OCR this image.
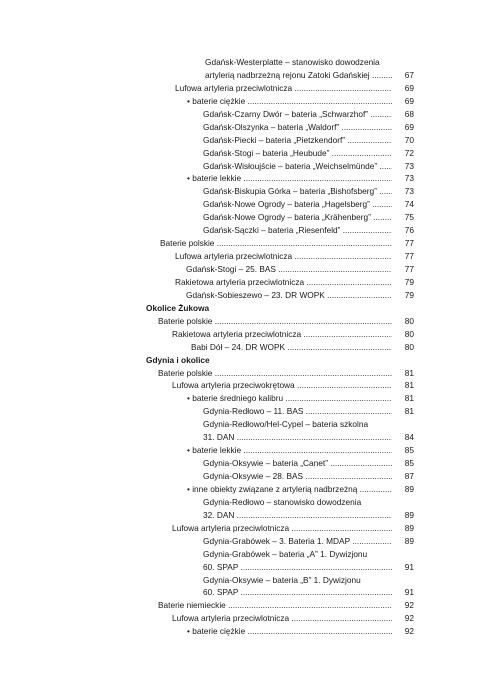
Gdańsk-Westerplatte – stanowisko dowodzenia
artylerią nadbrzeżną rejonu Zatoki Gdańskiej .....	67
Lufowa artyleria przeciwlotnicza .....	69
• baterie ciężkie .....	69
Gdańsk-Czarny Dwór – bateria „Schwarzhof” .....	68
Gdańsk-Olszynka – bateria „Waldorf” .....	69
Gdańsk-Piecki – bateria „Pietzkendorf” .....	70
Gdańsk-Stogi – bateria „Heubude” .....	72
Gdańsk-Wisłoujście – bateria „Weichselmünde” .....	73
• baterie lekkie .....	73
Gdańsk-Biskupia Górka – bateria „Bishofsberg” .....	73
Gdańsk-Nowe Ogrody – bateria „Hagelsberg” .....	74
Gdańsk-Nowe Ogrody – bateria „Krähenberg” .....	75
Gdańsk-Sączki – bateria „Riesenfeld” .....	76
Baterie polskie .....	77
Lufowa artyleria przeciwlotnicza .....	77
Gdańsk-Stogi – 25. BAS .....	77
Rakietowa artyleria przeciwlotnicza .....	79
Gdańsk-Sobieszewo – 23. DR WOPK .....	79
Okolice Żukowa
Baterie polskie .....	80
Rakietowa artyleria przeciwlotnicza .....	80
Babi Dół – 24. DR WOPK .....	80
Gdynia i okolice
Baterie polskie .....	81
Lufowa artyleria przeciwokrętowa .....	81
• baterie średniego kalibru .....	81
Gdynia-Redłowo – 11. BAS .....	81
Gdynia-Redłowo/Hel-Cypel – bateria szkolna
31. DAN .....	84
• baterie lekkie .....	85
Gdynia-Oksywie – bateria „Canet” .....	85
Gdynia-Oksywie – 28. BAS .....	87
• inne obiekty związane z artylerią nadbrzeżną .....	89
Gdynia-Redłowo – stanowisko dowodzenia
32. DAN .....	89
Lufowa artyleria przeciwlotnicza .....	89
Gdynia-Grabówek – 3. Bateria 1. MDAP .....	89
Gdynia-Grabówek – bateria „A” 1. Dywizjonu
60. SPAP .....	91
Gdynia-Oksywie – bateria „B” 1. Dywizjonu
60. SPAP .....	91
Baterie niemieckie .....	92
Lufowa artyleria przeciwlotnicza .....	92
• baterie ciężkie .....	92
